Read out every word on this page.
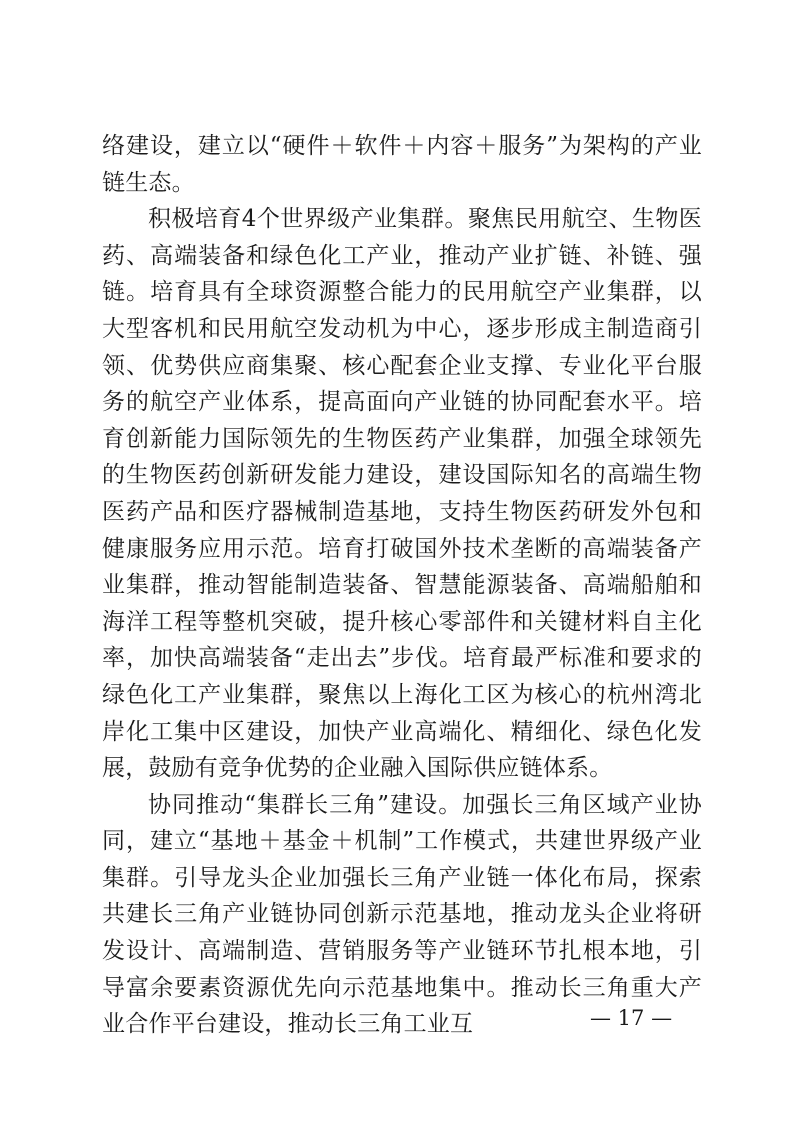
络建设，建立以“硬件＋软件＋内容＋服务”为架构的产业链生态。

积极培育4个世界级产业集群。聚焦民用航空、生物医药、高端装备和绿色化工产业，推动产业扩链、补链、强链。培育具有全球资源整合能力的民用航空产业集群，以大型客机和民用航空发动机为中心，逐步形成主制造商引领、优势供应商集聚、核心配套企业支撑、专业化平台服务的航空产业体系，提高面向产业链的协同配套水平。培育创新能力国际领先的生物医药产业集群，加强全球领先的生物医药创新研发能力建设，建设国际知名的高端生物医药产品和医疗器械制造基地，支持生物医药研发外包和健康服务应用示范。培育打破国外技术垄断的高端装备产业集群，推动智能制造装备、智慧能源装备、高端船舶和海洋工程等整机突破，提升核心零部件和关键材料自主化率，加快高端装备“走出去”步伐。培育最严标准和要求的绿色化工产业集群，聚焦以上海化工区为核心的杭州湾北岸化工集中区建设，加快产业高端化、精细化、绿色化发展，鼓励有竞争优势的企业融入国际供应链体系。

协同推动“集群长三角”建设。加强长三角区域产业协同，建立“基地＋基金＋机制”工作模式，共建世界级产业集群。引导龙头企业加强长三角产业链一体化布局，探索共建长三角产业链协同创新示范基地，推动龙头企业将研发设计、高端制造、营销服务等产业链环节扎根本地，引导富余要素资源优先向示范基地集中。推动长三角重大产业合作平台建设，推动长三角工业互	— 17 —
